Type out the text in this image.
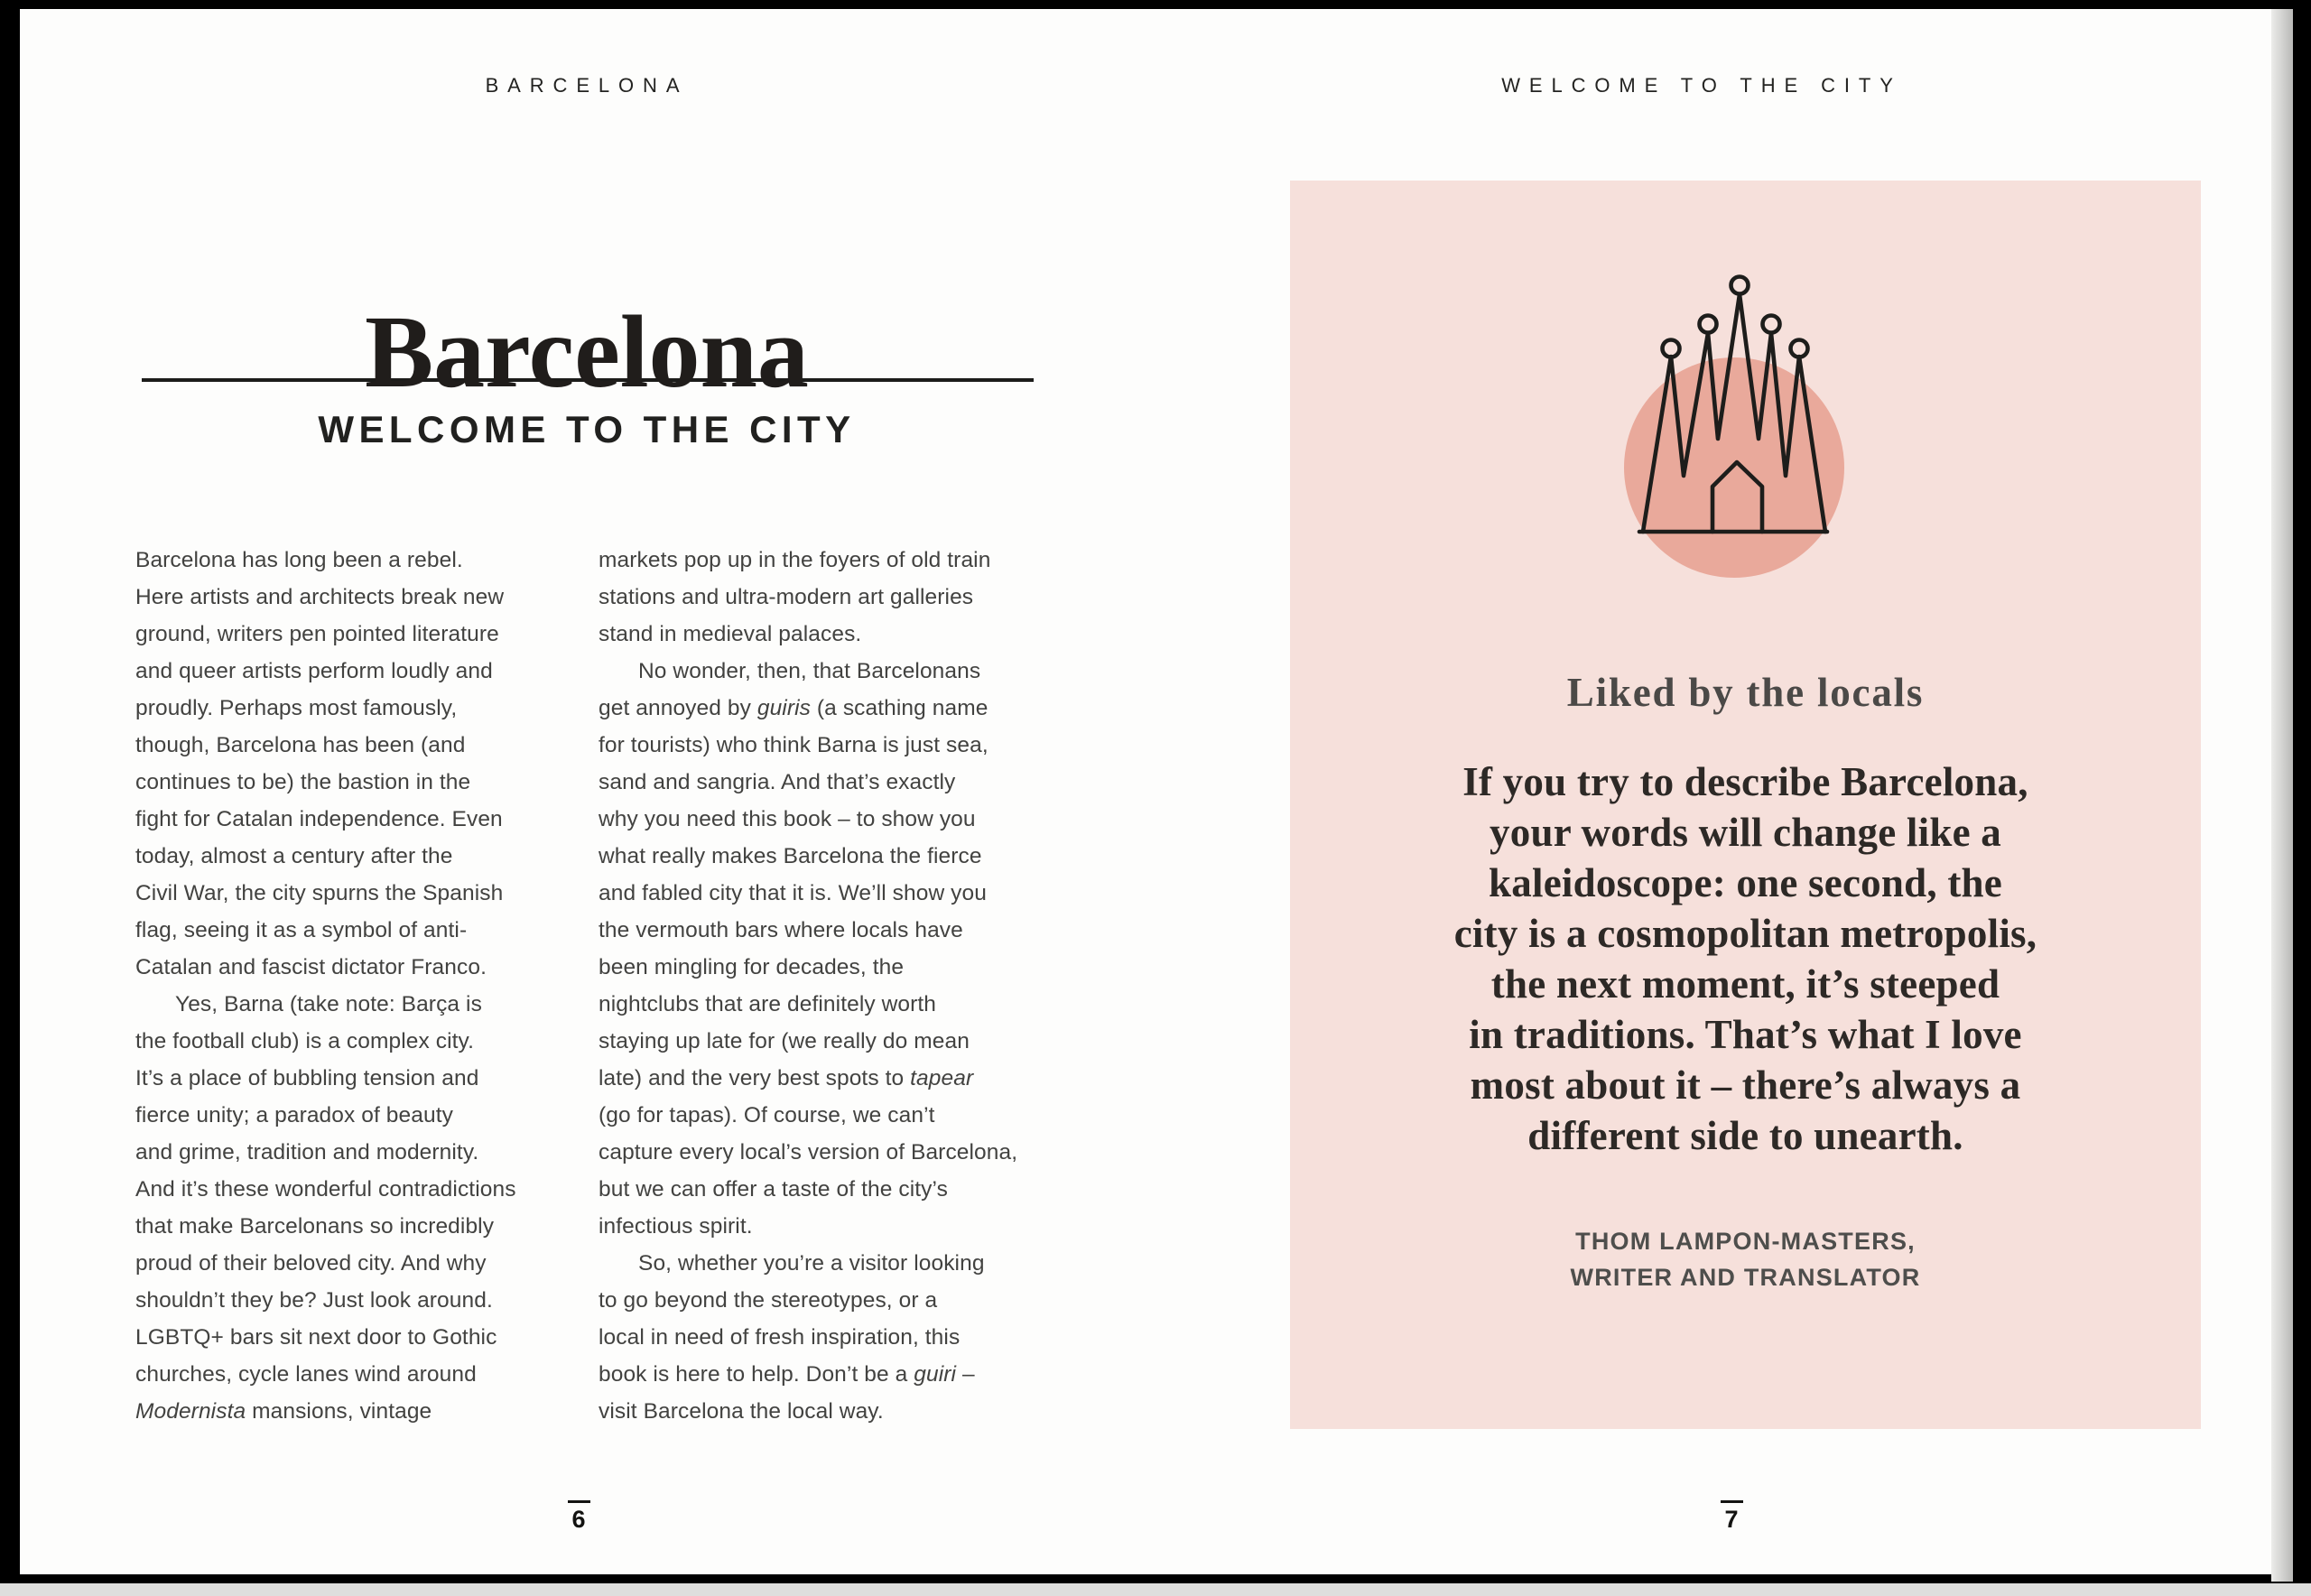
BARCELONA
Barcelona
WELCOME TO THE CITY
Barcelona has long been a rebel.
Here artists and architects break new
ground, writers pen pointed literature
and queer artists perform loudly and
proudly. Perhaps most famously,
though, Barcelona has been (and
continues to be) the bastion in the
fight for Catalan independence. Even
today, almost a century after the
Civil War, the city spurns the Spanish
flag, seeing it as a symbol of anti-
Catalan and fascist dictator Franco.
Yes, Barna (take note: Barça is
the football club) is a complex city.
It’s a place of bubbling tension and
fierce unity; a paradox of beauty
and grime, tradition and modernity.
And it’s these wonderful contradictions
that make Barcelonans so incredibly
proud of their beloved city. And why
shouldn’t they be? Just look around.
LGBTQ+ bars sit next door to Gothic
churches, cycle lanes wind around
Modernista mansions, vintage
markets pop up in the foyers of old train
stations and ultra-modern art galleries
stand in medieval palaces.
No wonder, then, that Barcelonans
get annoyed by guiris (a scathing name
for tourists) who think Barna is just sea,
sand and sangria. And that’s exactly
why you need this book – to show you
what really makes Barcelona the fierce
and fabled city that it is. We’ll show you
the vermouth bars where locals have
been mingling for decades, the
nightclubs that are definitely worth
staying up late for (we really do mean
late) and the very best spots to tapear
(go for tapas). Of course, we can’t
capture every local’s version of Barcelona,
but we can offer a taste of the city’s
infectious spirit.
So, whether you’re a visitor looking
to go beyond the stereotypes, or a
local in need of fresh inspiration, this
book is here to help. Don’t be a guiri –
visit Barcelona the local way.
6
WELCOME TO THE CITY
Liked by the locals
If you try to describe Barcelona,
your words will change like a
kaleidoscope: one second, the
city is a cosmopolitan metropolis,
the next moment, it’s steeped
in traditions. That’s what I love
most about it – there’s always a
different side to unearth.
THOM LAMPON-MASTERS,
WRITER AND TRANSLATOR
7
